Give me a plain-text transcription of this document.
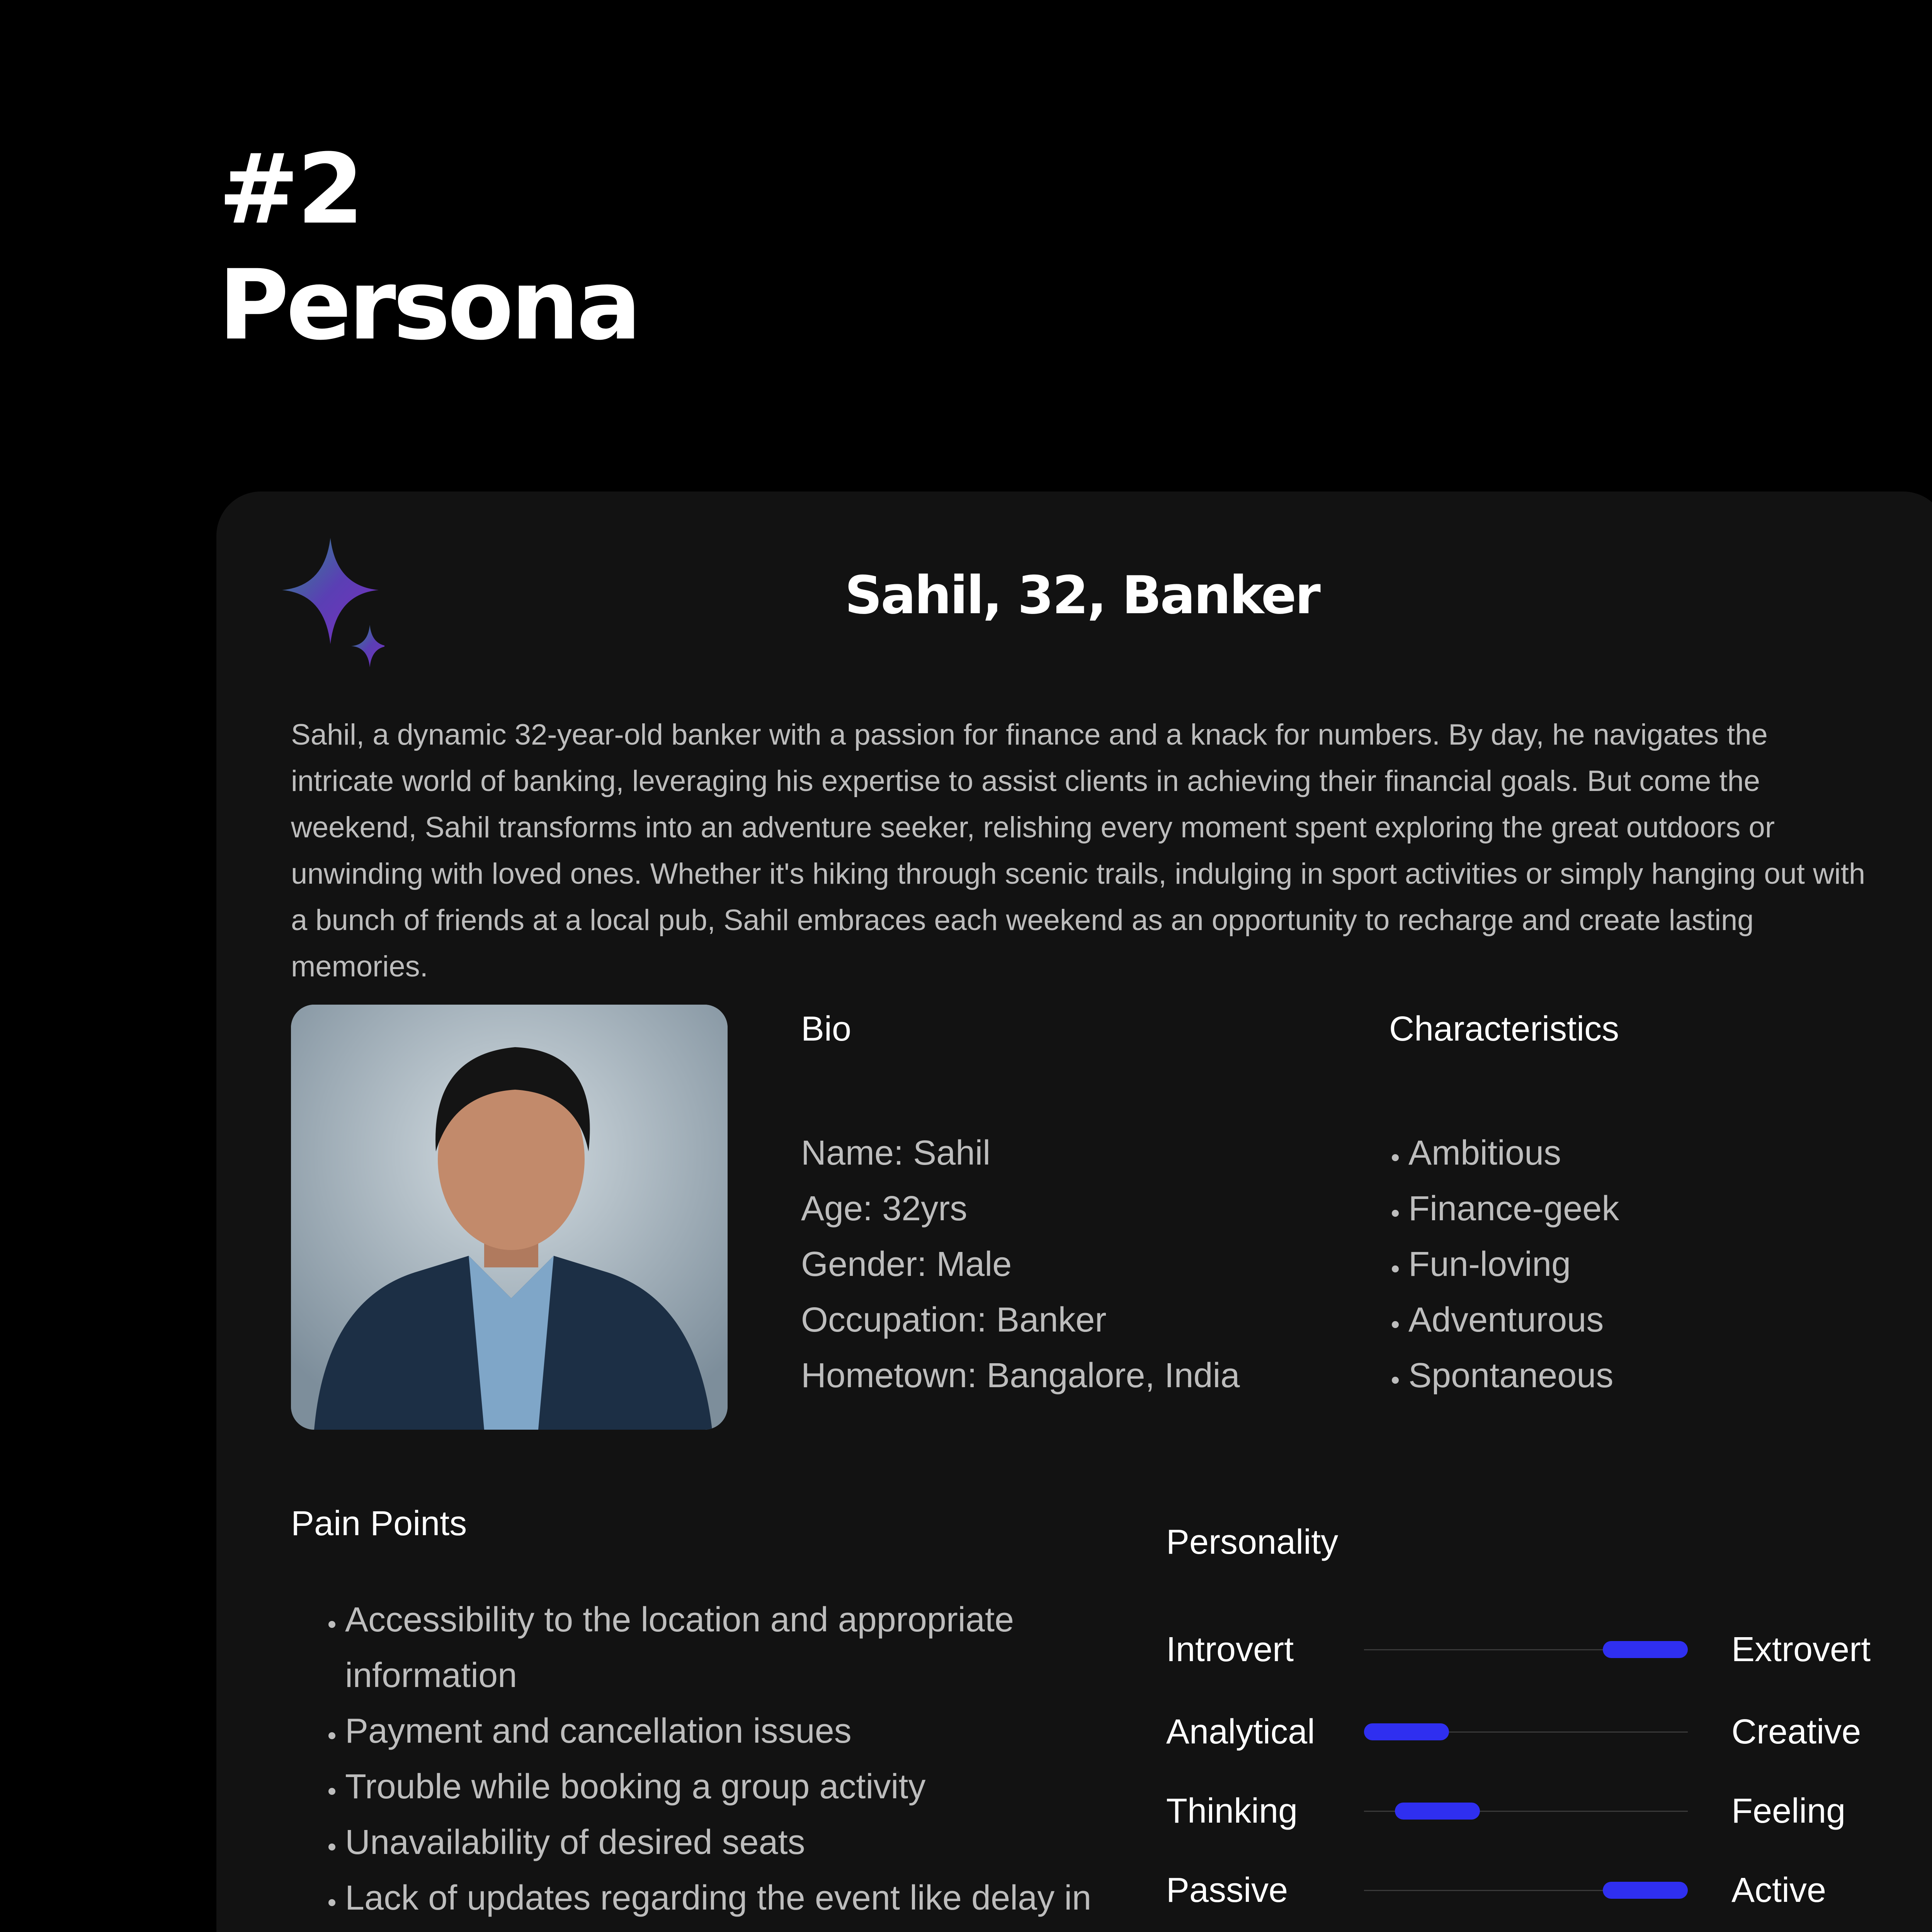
#2
Persona
Sahil, 32, Banker

Sahil, a dynamic 32-year-old banker with a passion for finance and a knack for numbers. By day, he navigates the intricate world of banking, leveraging his expertise to assist clients in achieving their financial goals. But come the weekend, Sahil transforms into an adventure seeker, relishing every moment spent exploring the great outdoors or unwinding with loved ones. Whether it's hiking through scenic trails, indulging in sport activities or simply hanging out with a bunch of friends at a local pub, Sahil embraces each weekend as an opportunity to recharge and create lasting memories.

Bio
Name: Sahil
Age: 32yrs
Gender: Male
Occupation: Banker
Hometown: Bangalore, India
Characteristics
• Ambitious
• Finance-geek
• Fun-loving
• Adventurous
• Spontaneous
Pain Points
• Accessibility to the location and appropriate information
• Payment and cancellation issues
• Trouble while booking a group activity
• Unavailability of desired seats
• Lack of updates regarding the event like delay in
Personality
Introvert	Extrovert
Analytical	Creative
Thinking	Feeling
Passive	Active
